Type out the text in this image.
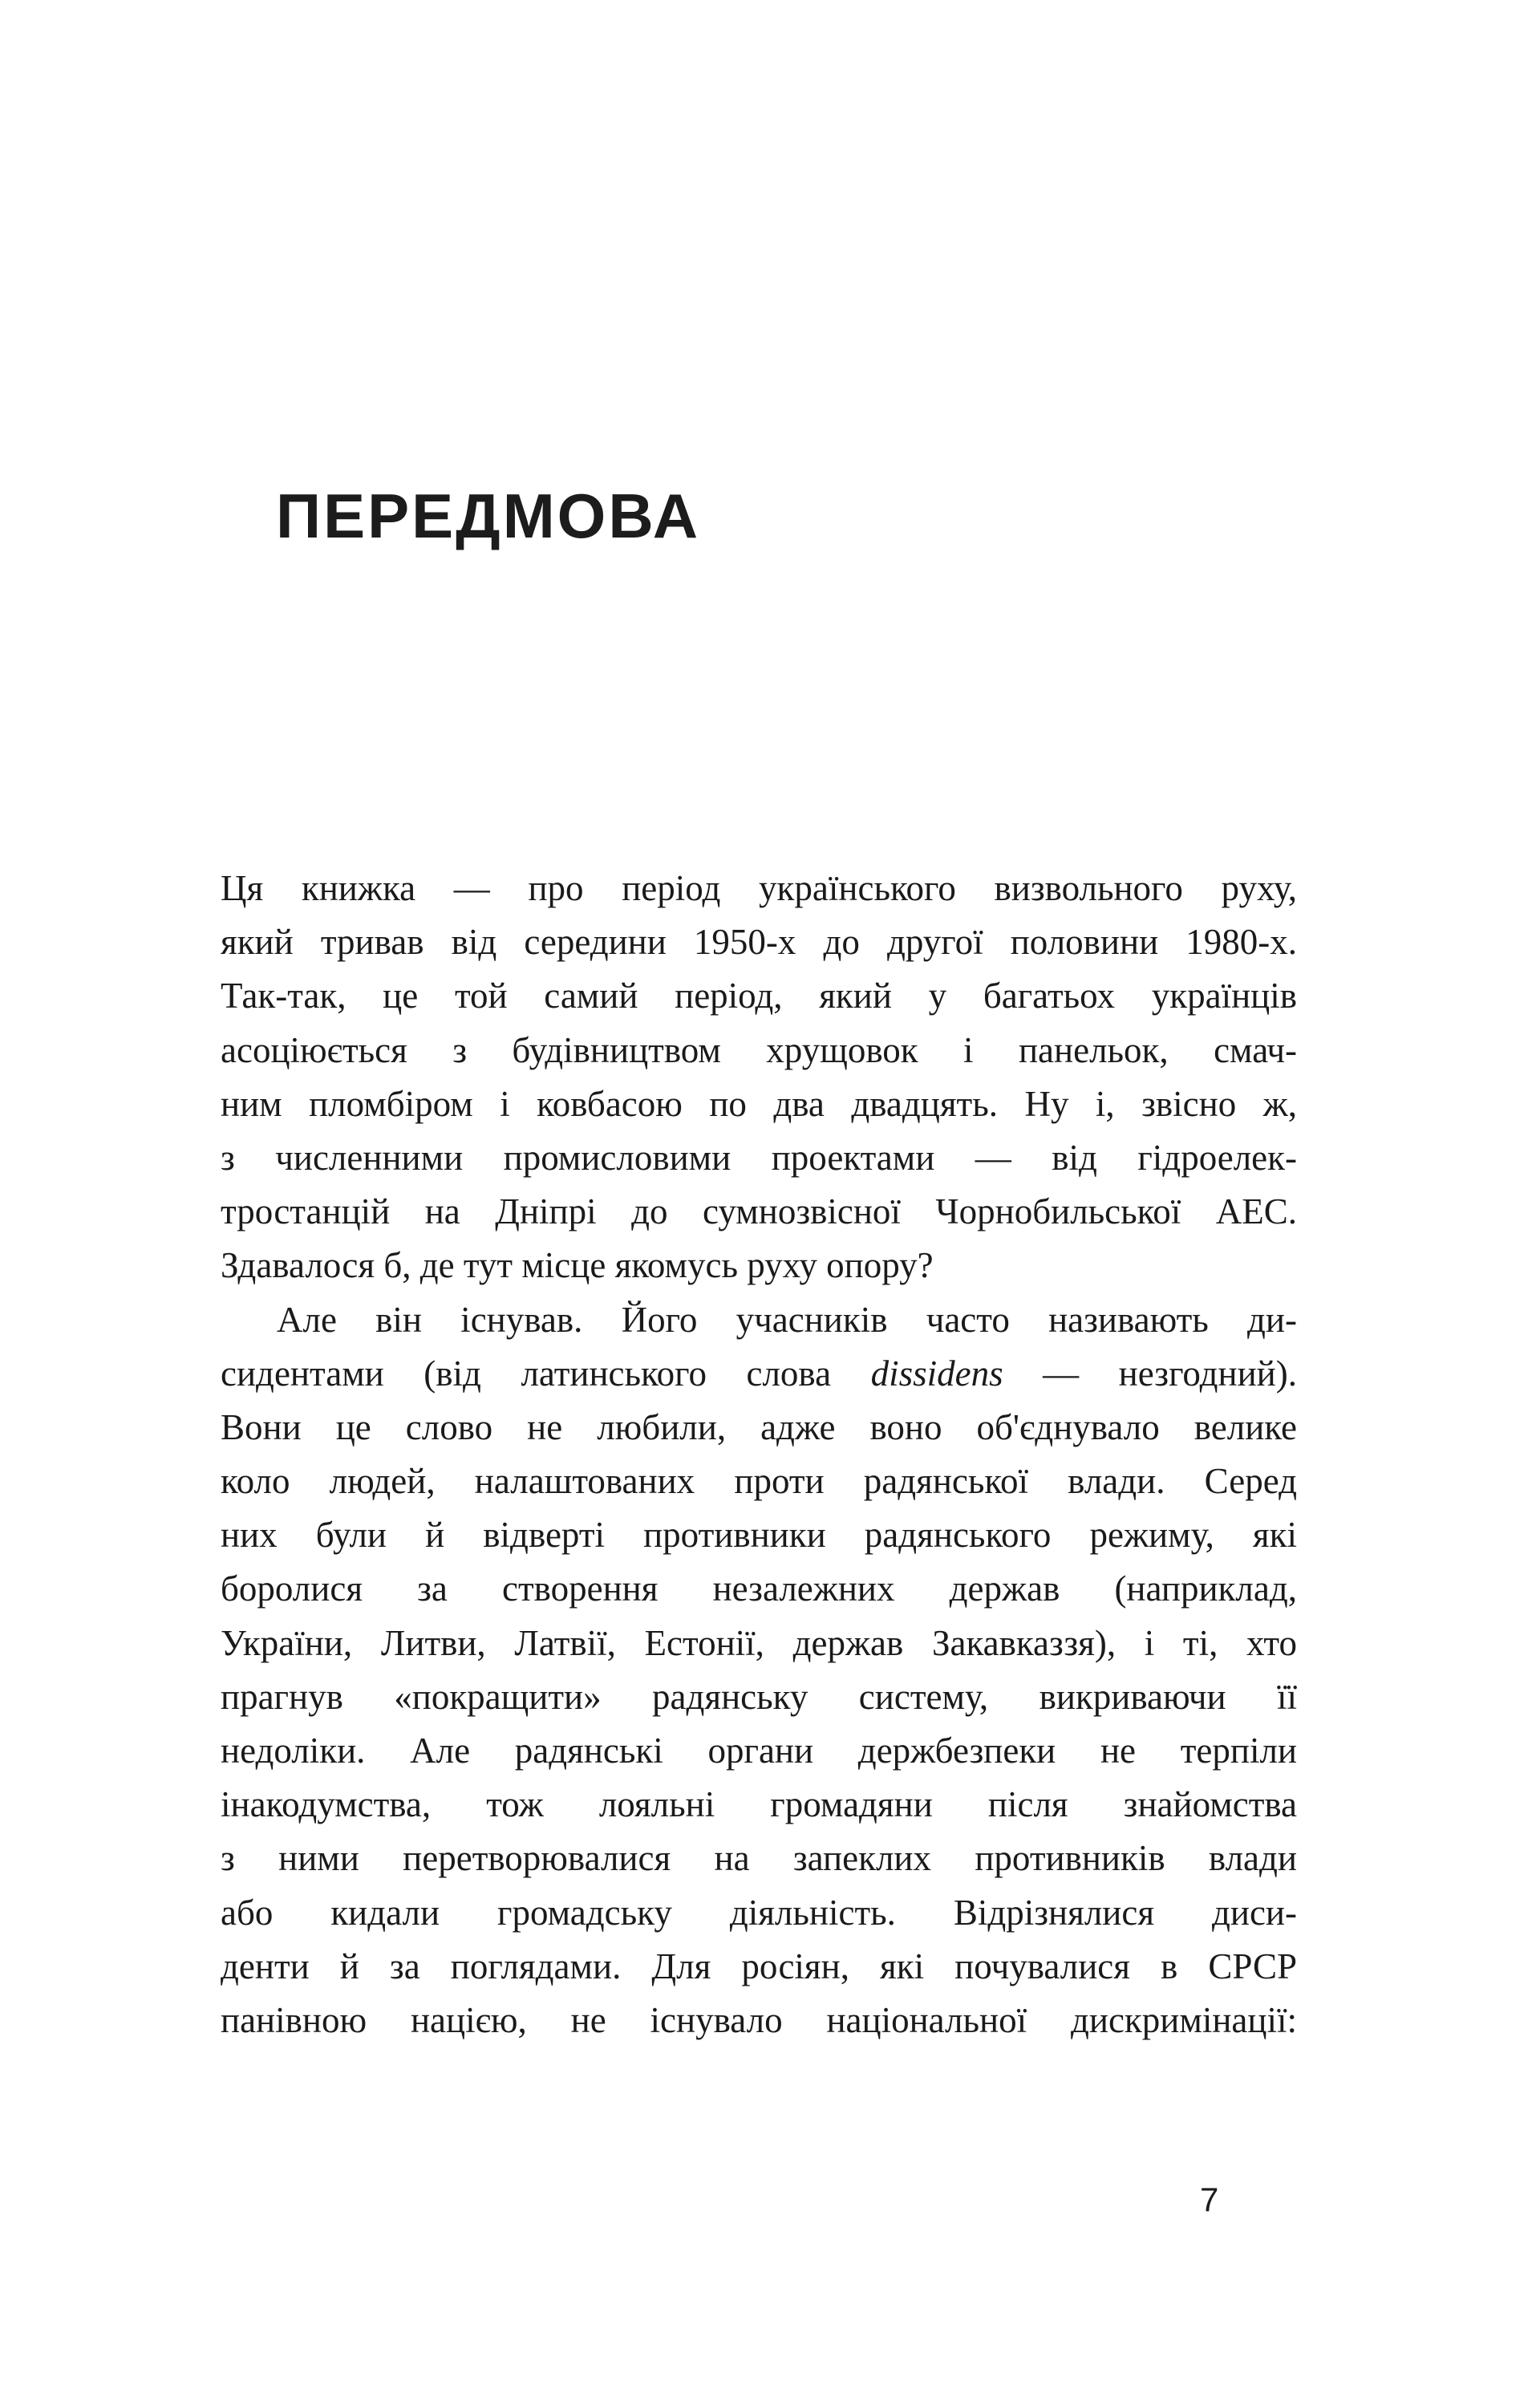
ПЕРЕДМОВА
Ця книжка — про період українського визвольного руху,
який тривав від середини 1950-х до другої половини 1980-х.
Так-так, це той самий період, який у багатьох українців
асоціюється з будівництвом хрущовок і панельок, смач-
ним пломбіром і ковбасою по два двадцять. Ну і, звісно ж,
з численними промисловими проектами — від гідроелек-
тростанцій на Дніпрі до сумнозвісної Чорнобильської АЕС.
Здавалося б, де тут місце якомусь руху опору?
Але він існував. Його учасників часто називають ди-
сидентами (від латинського слова dissidens — незгодний).
Вони це слово не любили, адже воно об'єднувало велике
коло людей, налаштованих проти радянської влади. Серед
них були й відверті противники радянського режиму, які
боролися за створення незалежних держав (наприклад,
України, Литви, Латвії, Естонії, держав Закавказзя), і ті, хто
прагнув «покращити» радянську систему, викриваючи її
недоліки. Але радянські органи держбезпеки не терпіли
інакодумства, тож лояльні громадяни після знайомства
з ними перетворювалися на запеклих противників влади
або кидали громадську діяльність. Відрізнялися диси-
денти й за поглядами. Для росіян, які почувалися в СРСР
панівною нацією, не існувало національної дискримінації:
7
